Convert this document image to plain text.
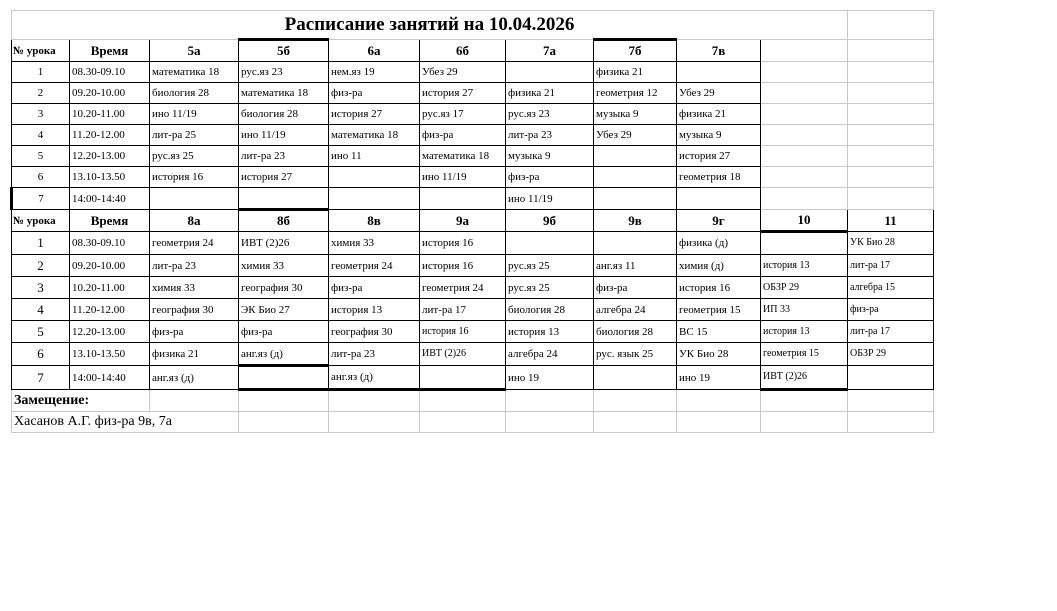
Расписание занятий на 10.04.2026										
№ урока	Время	5а	5б	6а	6б	7а	7б	7в		
1	08.30-09.10	математика 18	рус.яз 23	нем.яз 19	Убез 29		физика 21			
2	09.20-10.00	биология 28	математика 18	физ-ра	история 27	физика 21	геометрия 12	Убез 29		
3	10.20-11.00	ино 11/19	биология 28	история 27	рус.яз 17	рус.яз 23	музыка 9	физика 21		
4	11.20-12.00	лит-ра 25	ино 11/19	математика 18	физ-ра	лит-ра 23	Убез 29	музыка 9		
5	12.20-13.00	рус.яз 25	лит-ра 23	ино 11	математика 18	музыка 9		история 27		
6	13.10-13.50	история 16	история 27		ино 11/19	физ-ра		геометрия 18		
7	14:00-14:40					ино 11/19				
№ урока	Время	8а	8б	8в	9а	9б	9в	9г	10	11
1	08.30-09.10	геометрия 24	ИВТ (2)26	химия 33	история 16			физика (д)		УК Био 28
2	09.20-10.00	лит-ра 23	химия 33	геометрия 24	история 16	рус.яз 25	анг.яз 11	химия (д)	история 13	лит-ра 17
3	10.20-11.00	химия 33	география 30	физ-ра	геометрия 24	рус.яз 25	физ-ра	история 16	ОБЗР 29	алгебра 15
4	11.20-12.00	география 30	ЭК Био 27	история 13	лит-ра 17	биология 28	алгебра 24	геометрия 15	ИП 33	физ-ра
5	12.20-13.00	физ-ра	физ-ра	география 30	история 16	история 13	биология 28	ВС 15	история 13	лит-ра 17
6	13.10-13.50	физика 21	анг.яз (д)	лит-ра 23	ИВТ (2)26	алгебра 24	рус. язык 25	УК Био 28	геометрия 15	ОБЗР 29
7	14:00-14:40	анг.яз (д)		анг.яз (д)		ино 19		ино 19	ИВТ (2)26	
Замещение:										
Хасанов А.Г. физ-ра 9в, 7а										
